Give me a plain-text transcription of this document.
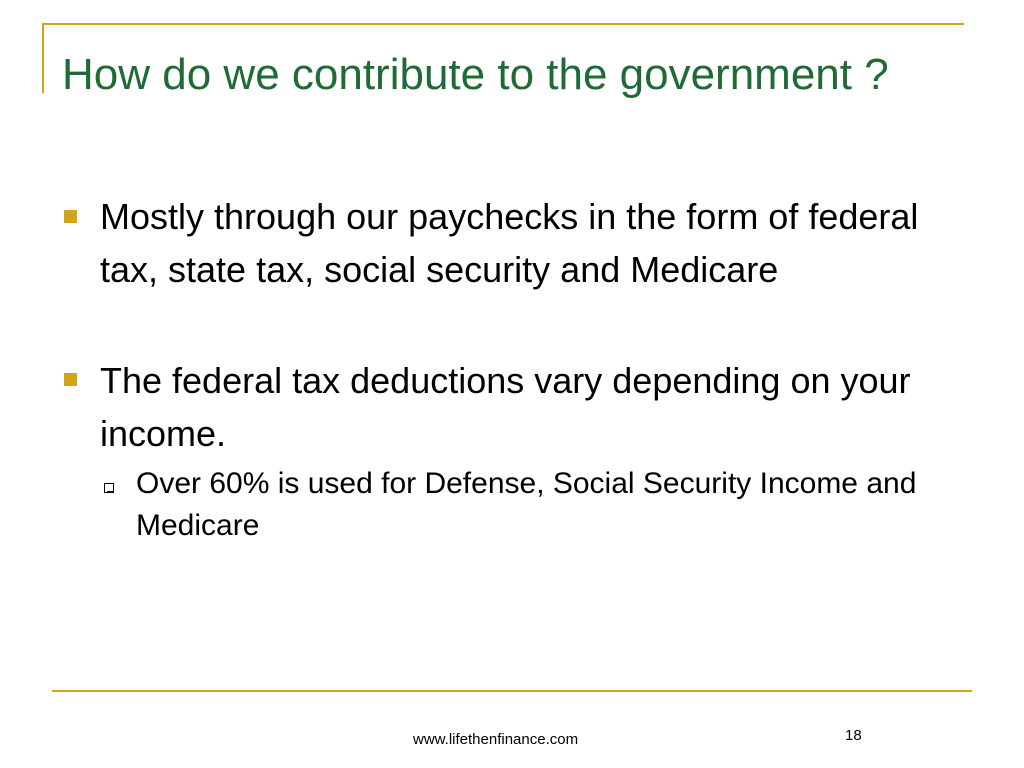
How do we contribute to the government ?
Mostly through our paychecks in the form of federal tax, state tax, social security and Medicare
The federal tax deductions vary depending on your income.
Over 60% is used for Defense, Social Security Income and Medicare
www.lifethenfinance.com	18
